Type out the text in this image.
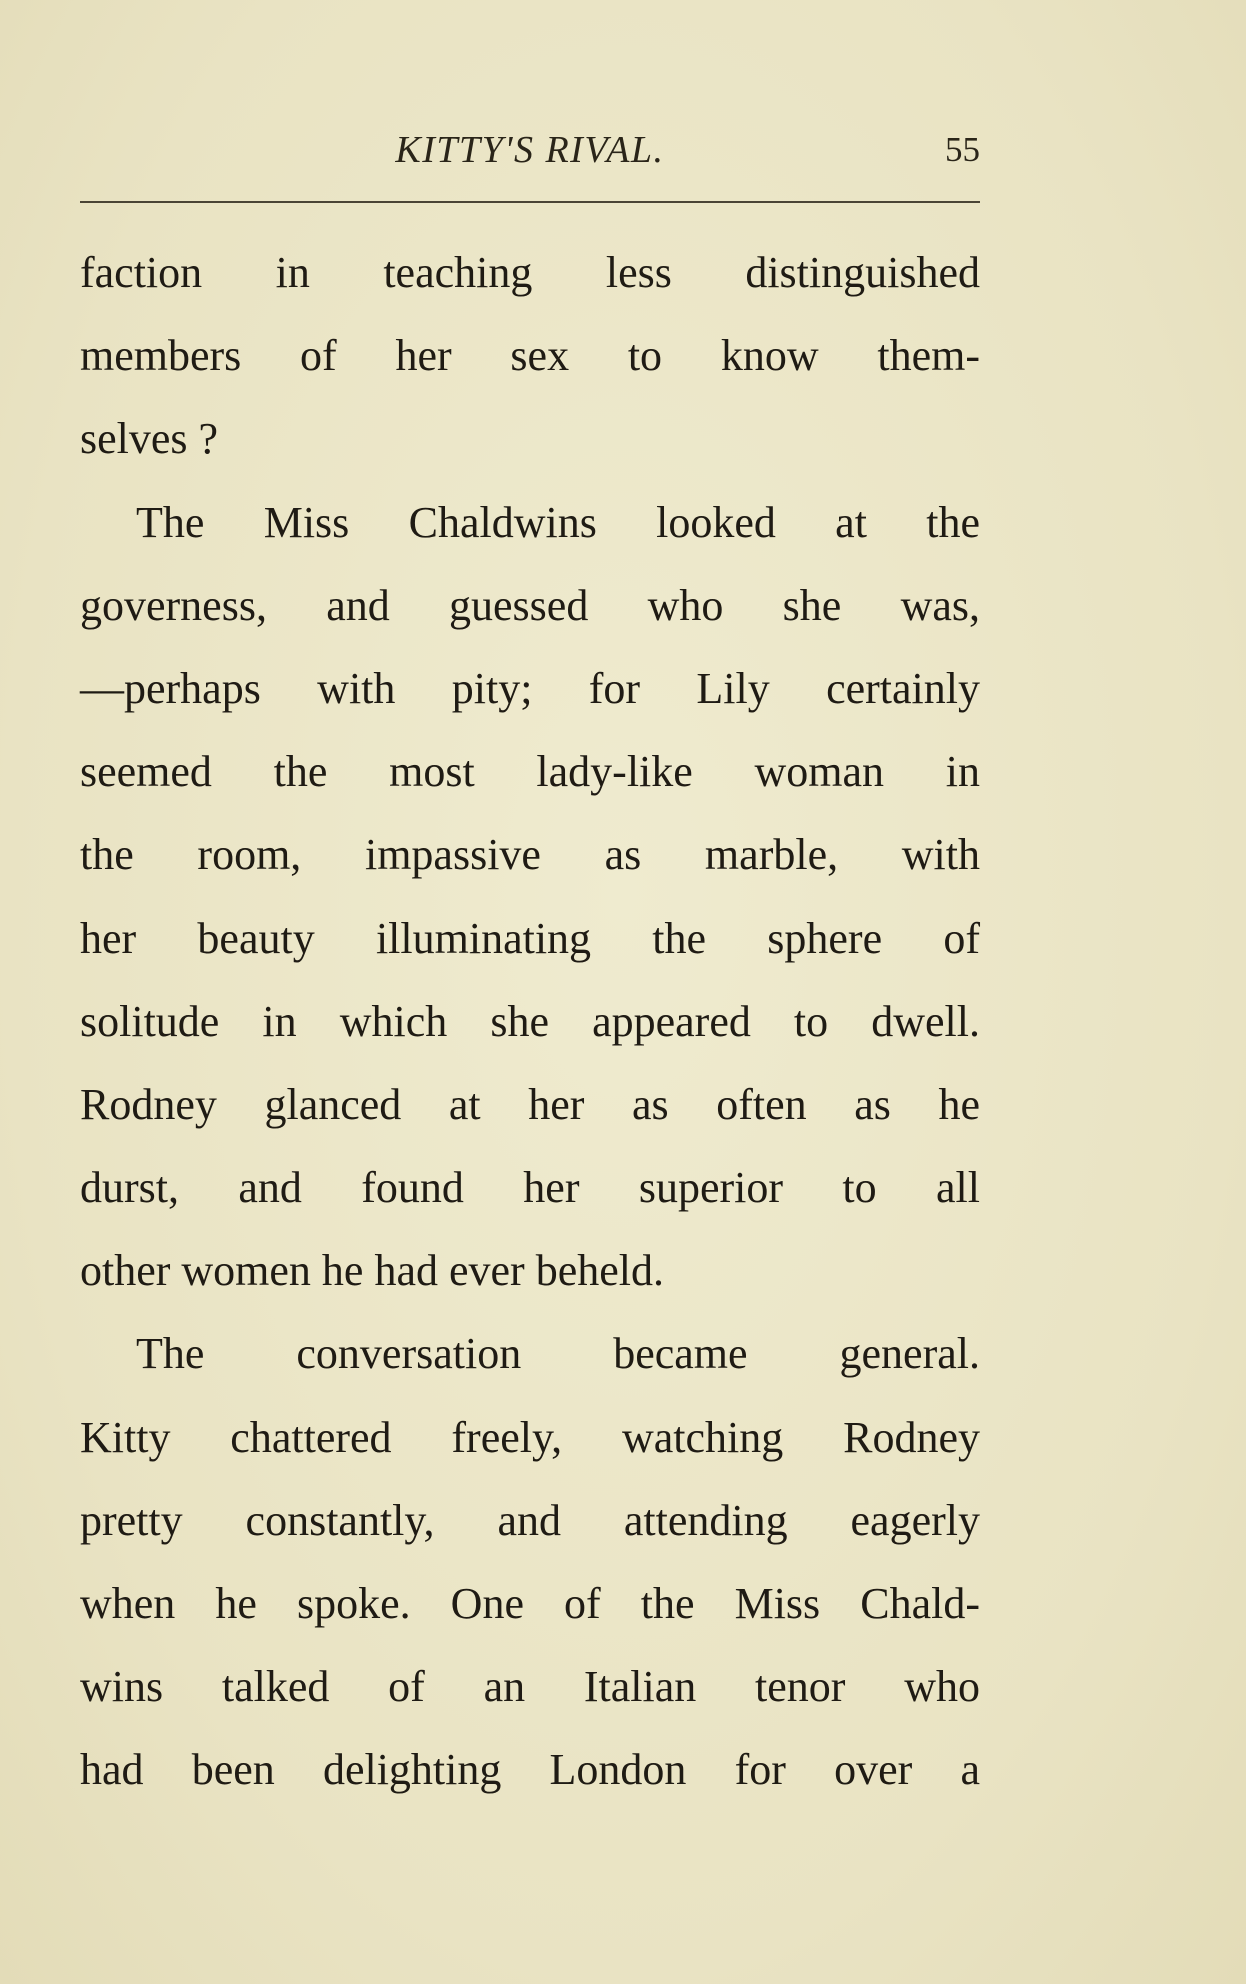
KITTY'S RIVAL.	55
faction in teaching less distinguished
members of her sex to know them-
selves ?
The Miss Chaldwins looked at the
governess, and guessed who she was,
—perhaps with pity; for Lily certainly
seemed the most lady-like woman in
the room, impassive as marble, with
her beauty illuminating the sphere of
solitude in which she appeared to dwell.
Rodney glanced at her as often as he
durst, and found her superior to all
other women he had ever beheld.
The conversation became general.
Kitty chattered freely, watching Rodney
pretty constantly, and attending eagerly
when he spoke. One of the Miss Chald-
wins talked of an Italian tenor who
had been delighting London for over a
